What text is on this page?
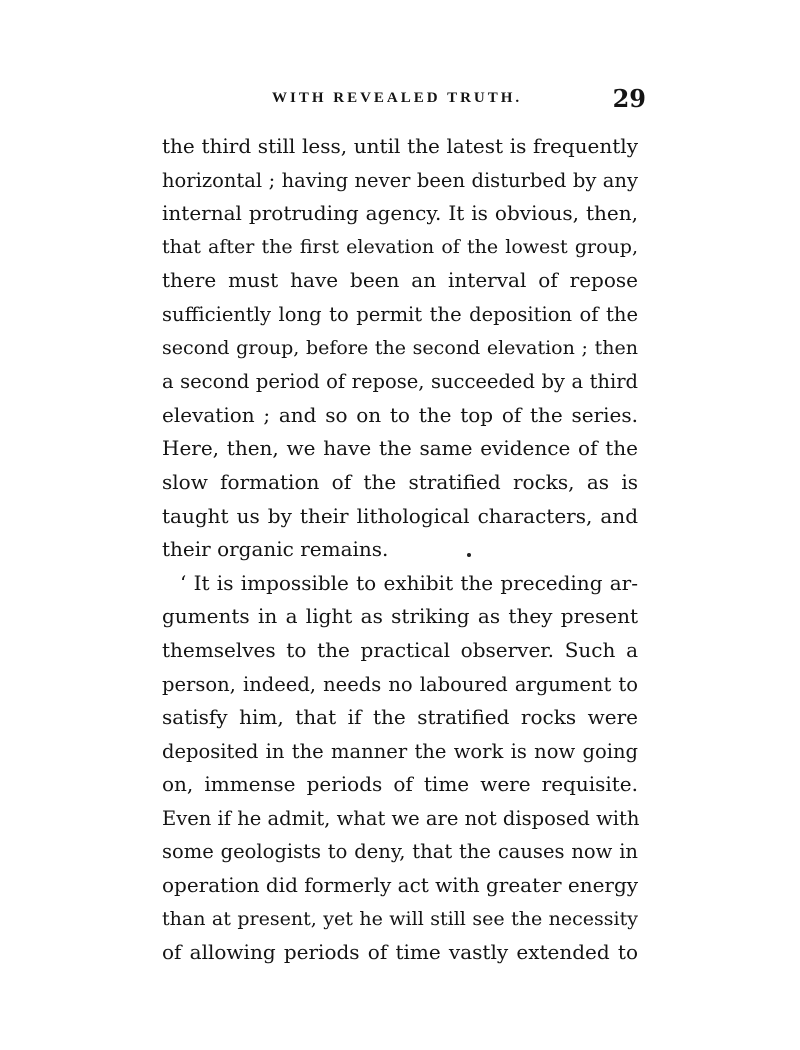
WITH REVEALED TRUTH.	29
the third still less, until the latest is frequently
horizontal ; having never been disturbed by any
internal protruding agency. It is obvious, then,
that after the first elevation of the lowest group,
there must have been an interval of repose
sufficiently long to permit the deposition of the
second group, before the second elevation ; then
a second period of repose, succeeded by a third
elevation ; and so on to the top of the series.
Here, then, we have the same evidence of the
slow formation of the stratified rocks, as is
taught us by their lithological characters, and
their organic remains.
‘ It is impossible to exhibit the preceding ar-
guments in a light as striking as they present
themselves to the practical observer. Such a
person, indeed, needs no laboured argument to
satisfy him, that if the stratified rocks were
deposited in the manner the work is now going
on, immense periods of time were requisite.
Even if he admit, what we are not disposed with
some geologists to deny, that the causes now in
operation did formerly act with greater energy
than at present, yet he will still see the necessity
of allowing periods of time vastly extended to
